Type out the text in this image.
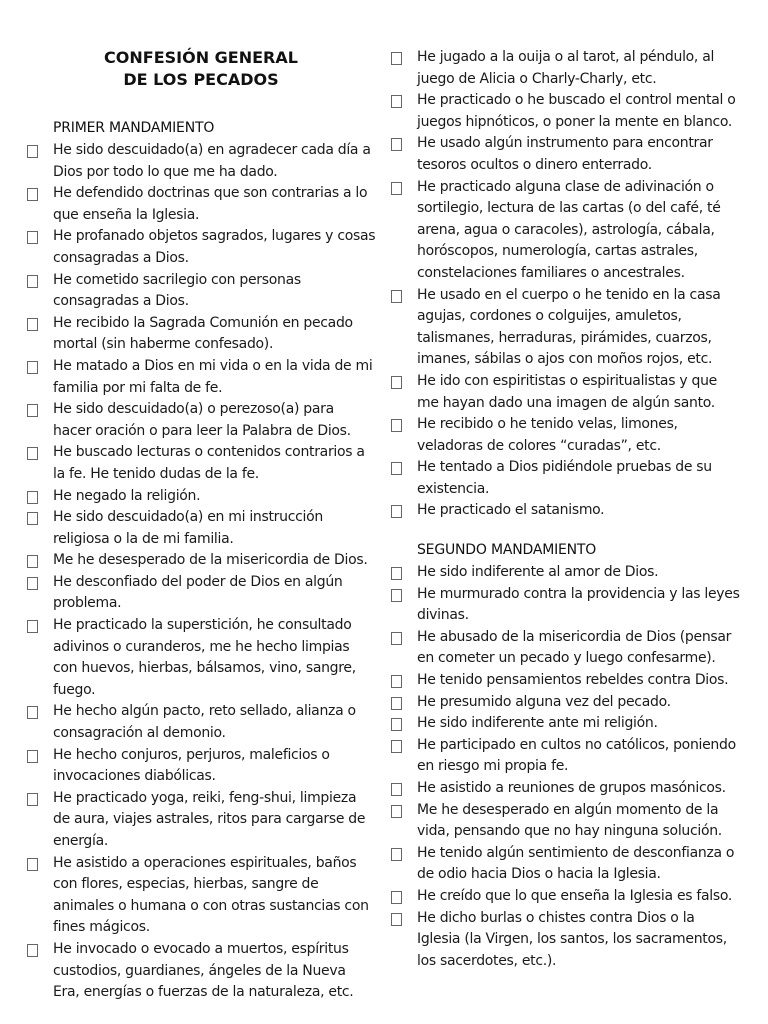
CONFESIÓN GENERAL
DE LOS PECADOS
PRIMER MANDAMIENTO
He sido descuidado(a) en agradecer cada día a Dios por todo lo que me ha dado.
He defendido doctrinas que son contrarias a lo que enseña la Iglesia.
He profanado objetos sagrados, lugares y cosas consagradas a Dios.
He cometido sacrilegio con personas consagradas a Dios.
He recibido la Sagrada Comunión en pecado mortal (sin haberme confesado).
He matado a Dios en mi vida o en la vida de mi familia por mi falta de fe.
He sido descuidado(a) o perezoso(a) para hacer oración o para leer la Palabra de Dios.
He buscado lecturas o contenidos contrarios a la fe. He tenido dudas de la fe.
He negado la religión.
He sido descuidado(a) en mi instrucción religiosa o la de mi familia.
Me he desesperado de la misericordia de Dios.
He desconfiado del poder de Dios en algún problema.
He practicado la superstición, he consultado adivinos o curanderos, me he hecho limpias con huevos, hierbas, bálsamos, vino, sangre, fuego.
He hecho algún pacto, reto sellado, alianza o consagración al demonio.
He hecho conjuros, perjuros, maleficios o invocaciones diabólicas.
He practicado yoga, reiki, feng-shui, limpieza de aura, viajes astrales, ritos para cargarse de energía.
He asistido a operaciones espirituales, baños con flores, especias, hierbas, sangre de animales o humana o con otras sustancias con fines mágicos.
He invocado o evocado a muertos, espíritus custodios, guardianes, ángeles de la Nueva Era, energías o fuerzas de la naturaleza, etc.
He jugado a la ouija o al tarot, al péndulo, al juego de Alicia o Charly-Charly, etc.
He practicado o he buscado el control mental o juegos hipnóticos, o poner la mente en blanco.
He usado algún instrumento para encontrar tesoros ocultos o dinero enterrado.
He practicado alguna clase de adivinación o sortilegio, lectura de las cartas (o del café, té arena, agua o caracoles), astrología, cábala, horóscopos, numerología, cartas astrales, constelaciones familiares o ancestrales.
He usado en el cuerpo o he tenido en la casa agujas, cordones o colguijes, amuletos, talismanes, herraduras, pirámides, cuarzos, imanes, sábilas o ajos con moños rojos, etc.
He ido con espiritistas o espiritualistas y que me hayan dado una imagen de algún santo.
He recibido o he tenido velas, limones, veladoras de colores “curadas”, etc.
He tentado a Dios pidiéndole pruebas de su existencia.
He practicado el satanismo.
SEGUNDO MANDAMIENTO
He sido indiferente al amor de Dios.
He murmurado contra la providencia y las leyes divinas.
He abusado de la misericordia de Dios (pensar en cometer un pecado y luego confesarme).
He tenido pensamientos rebeldes contra Dios.
He presumido alguna vez del pecado.
He sido indiferente ante mi religión.
He participado en cultos no católicos, poniendo en riesgo mi propia fe.
He asistido a reuniones de grupos masónicos.
Me he desesperado en algún momento de la vida, pensando que no hay ninguna solución.
He tenido algún sentimiento de desconfianza o de odio hacia Dios o hacia la Iglesia.
He creído que lo que enseña la Iglesia es falso.
He dicho burlas o chistes contra Dios o la Iglesia (la Virgen, los santos, los sacramentos, los sacerdotes, etc.).
